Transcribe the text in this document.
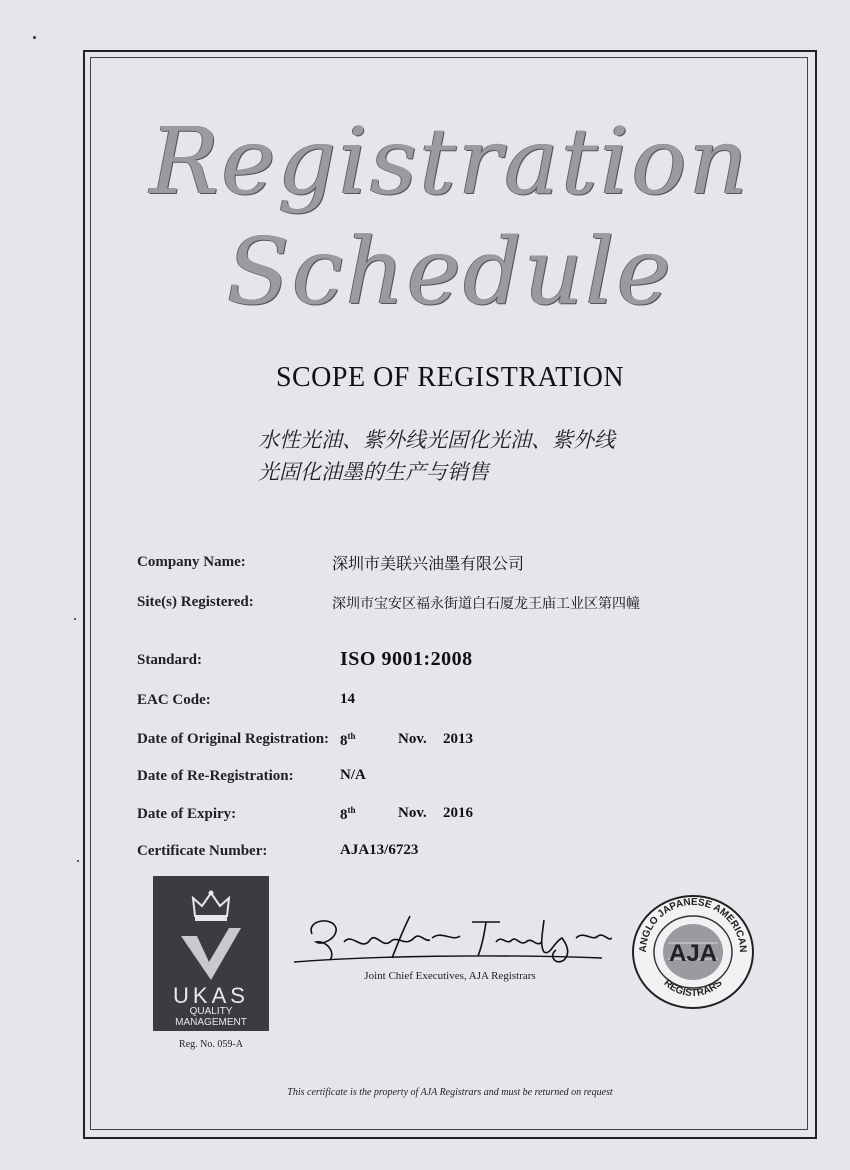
Registration
Schedule
SCOPE OF REGISTRATION
水性光油、紫外线光固化光油、紫外线
光固化油墨的生产与销售
Company Name:	深圳市美联兴油墨有限公司
Site(s) Registered:	深圳市宝安区福永街道白石厦龙王庙工业区第四幢
Standard:	ISO 9001:2008
EAC Code:	14
Date of Original Registration: 8th	Nov. 2013
Date of Re-Registration:	N/A
Date of Expiry:	8th	Nov. 2016
Certificate Number:	AJA13/6723
UKAS
QUALITY
MANAGEMENT
Reg. No. 059-A
Joint Chief Executives, AJA Registrars
ANGLO JAPANESE AMERICAN
REGISTRARS
AJA
This certificate is the property of AJA Registrars and must be returned on request
